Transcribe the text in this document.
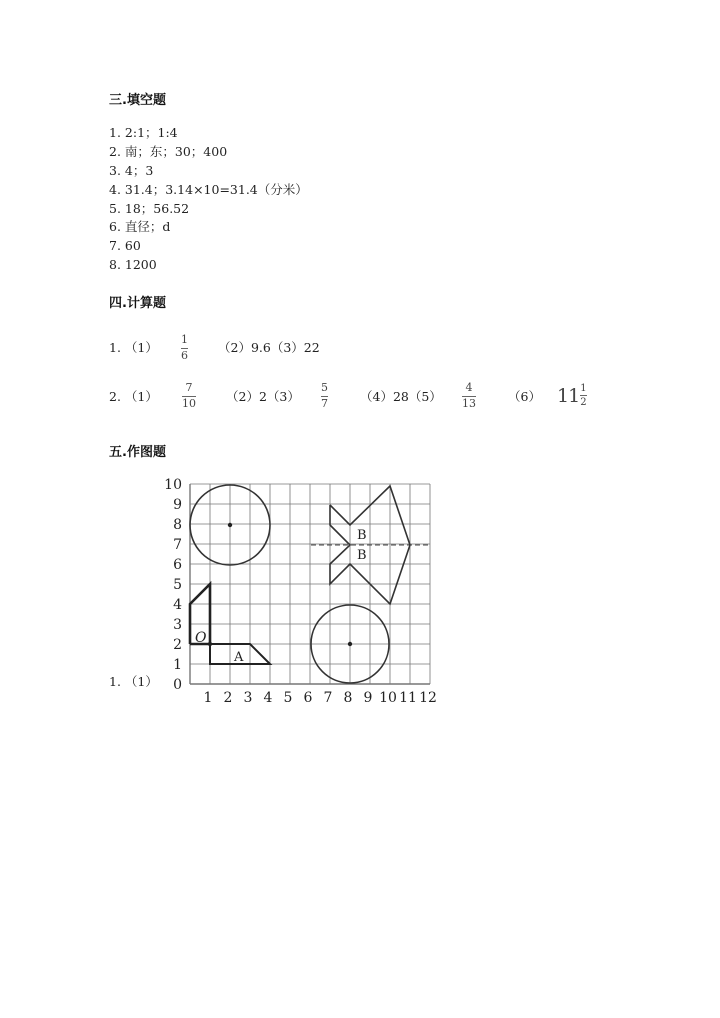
三.填空题
1. 2:1；1:4
2. 南；东；30；400
3. 4；3
4. 31.4；3.14×10=31.4（分米）
5. 18；56.52
6. 直径；d
7. 60
8. 1200
四.计算题
1. （1）
1
6
（2）9.6（3）22
2. （1）
7
10 （2）2（3）
5
7	（4）28（5）
4
13	（6） 11 1
2
五.作图题
1. （1）
1 2 3 4 5 6 7 8 9 10 11 12
0
1
2
3
4
5
6
7
8
9
10
O
A
B
B
